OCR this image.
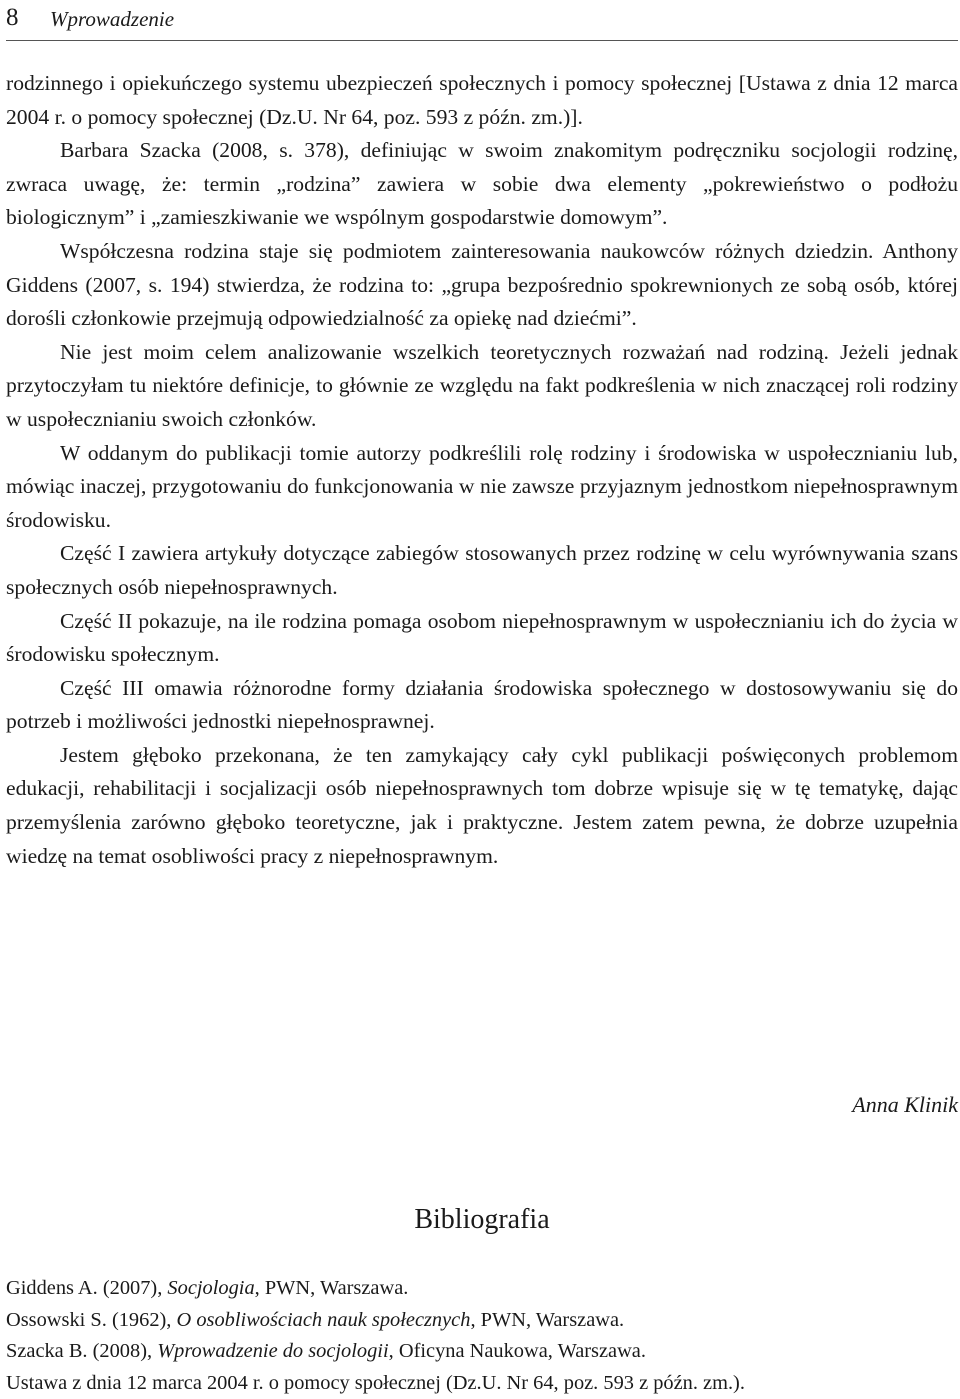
8 Wprowadzenie

rodzinnego i opiekuńczego systemu ubezpieczeń społecznych i pomocy społecznej [Ustawa z dnia 12 marca 2004 r. o pomocy społecznej (Dz.U. Nr 64, poz. 593 z późn. zm.)].

Barbara Szacka (2008, s. 378), definiując w swoim znakomitym podręczniku socjologii rodzinę, zwraca uwagę, że: termin „rodzina” zawiera w sobie dwa elementy „pokrewieństwo o podłożu biologicznym” i „zamieszkiwanie we wspólnym gospodarstwie domowym”.

Współczesna rodzina staje się podmiotem zainteresowania naukowców różnych dziedzin. Anthony Giddens (2007, s. 194) stwierdza, że rodzina to: „grupa bezpośrednio spokrewnionych ze sobą osób, której dorośli członkowie przejmują odpowiedzialność za opiekę nad dziećmi”.

Nie jest moim celem analizowanie wszelkich teoretycznych rozważań nad rodziną. Jeżeli jednak przytoczyłam tu niektóre definicje, to głównie ze względu na fakt podkreślenia w nich znaczącej roli rodziny w uspołecznianiu swoich członków.

W oddanym do publikacji tomie autorzy podkreślili rolę rodziny i środowiska w uspołecznianiu lub, mówiąc inaczej, przygotowaniu do funkcjonowania w nie zawsze przyjaznym jednostkom niepełnosprawnym środowisku.

Część I zawiera artykuły dotyczące zabiegów stosowanych przez rodzinę w celu wyrównywania szans społecznych osób niepełnosprawnych.

Część II pokazuje, na ile rodzina pomaga osobom niepełnosprawnym w uspołecznianiu ich do życia w środowisku społecznym.

Część III omawia różnorodne formy działania środowiska społecznego w dostosowywaniu się do potrzeb i możliwości jednostki niepełnosprawnej.

Jestem głęboko przekonana, że ten zamykający cały cykl publikacji poświęconych problemom edukacji, rehabilitacji i socjalizacji osób niepełnosprawnych tom dobrze wpisuje się w tę tematykę, dając przemyślenia zarówno głęboko teoretyczne, jak i praktyczne. Jestem zatem pewna, że dobrze uzupełnia wiedzę na temat osobliwości pracy z niepełnosprawnym.

Anna Klinik
Bibliografia
Giddens A. (2007), Socjologia, PWN, Warszawa.
Ossowski S. (1962), O osobliwościach nauk społecznych, PWN, Warszawa.
Szacka B. (2008), Wprowadzenie do socjologii, Oficyna Naukowa, Warszawa.
Ustawa z dnia 12 marca 2004 r. o pomocy społecznej (Dz.U. Nr 64, poz. 593 z późn. zm.).
